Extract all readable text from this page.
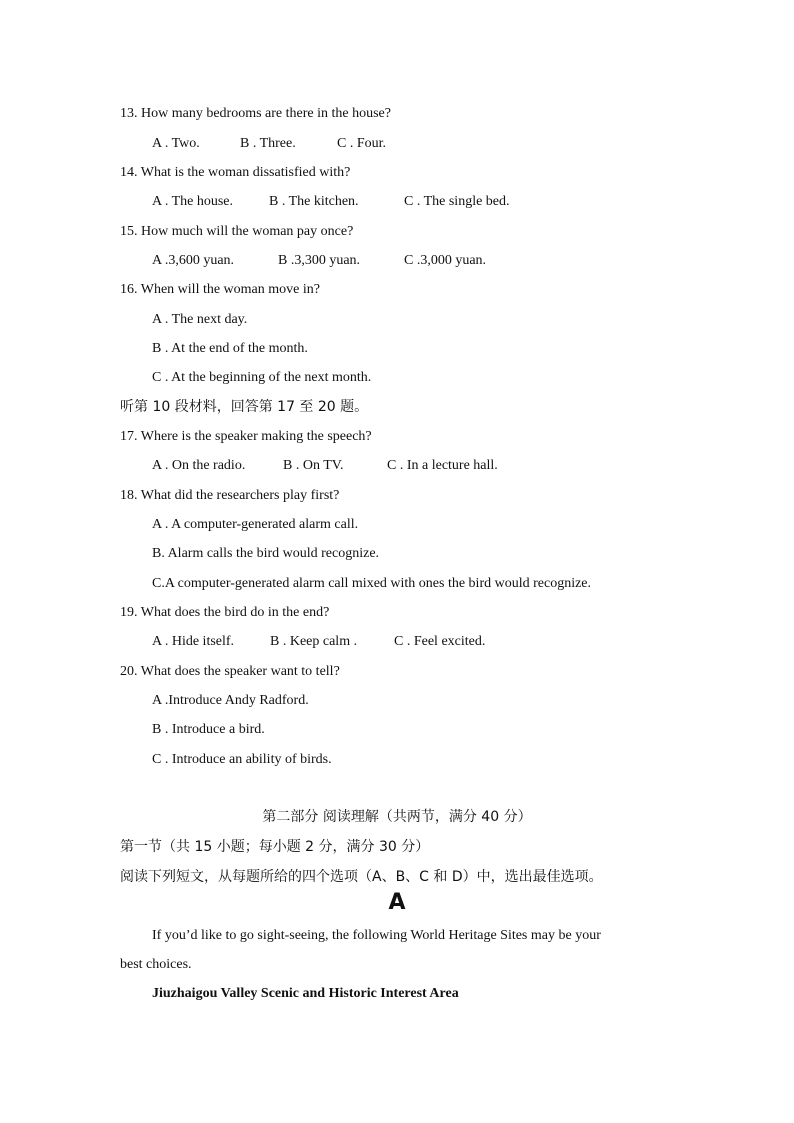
13. How many bedrooms are there in the house?
A . Two.	B . Three.	C . Four.
14. What is the woman dissatisfied with?
A . The house.	B . The kitchen.	C . The single bed.
15. How much will the woman pay once?
A .3,600 yuan.	B .3,300 yuan.	C .3,000 yuan.
16. When will the woman move in?
A . The next day.
B . At the end of the month.
C . At the beginning of the next month.
听第 10 段材料，回答第 17 至 20 题。
17. Where is the speaker making the speech?
A . On the radio.	B . On TV.	C . In a lecture hall.
18. What did the researchers play first?
A . A computer-generated alarm call.
B. Alarm calls the bird would recognize.
C.A computer-generated alarm call mixed with ones the bird would recognize.
19. What does the bird do in the end?
A . Hide itself.	B . Keep calm .	C . Feel excited.
20. What does the speaker want to tell?
A .Introduce Andy Radford.
B . Introduce a bird.
C . Introduce an ability of birds.
第二部分 阅读理解（共两节，满分 40 分）
第一节（共 15 小题；每小题 2 分，满分 30 分）
阅读下列短文，从每题所给的四个选项（A、B、C 和 D）中，选出最佳选项。
A
If you’d like to go sight-seeing, the following World Heritage Sites may be your
best choices.
Jiuzhaigou Valley Scenic and Historic Interest Area
